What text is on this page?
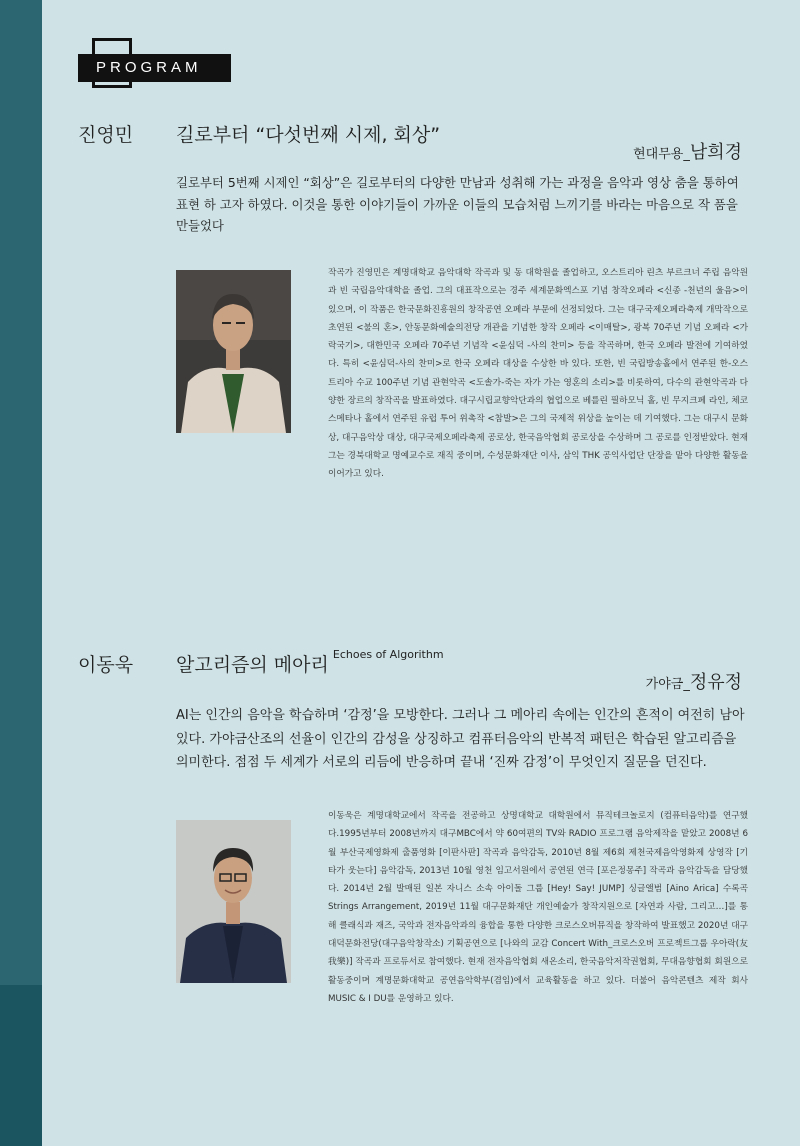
PROGRAM
진영민 길로부터 “다섯번째 시제, 회상”
현대무용_남희경
길로부터 5번째 시제인 “회상”은 길로부터의 다양한 만남과 성취해 가는 과정을 음악과 영상 춤을 통하여 표현 하 고자 하였다. 이것을 통한 이야기들이 가까운 이들의 모습처럼 느끼기를 바라는 마음으로 작 품을 만들었다
작곡가 진영민은 계명대학교 음악대학 작곡과 및 동 대학원을 졸업하고, 오스트리아 린츠 부르크너 주립 음악원과 빈 국립음악대학을 졸업. 그의 대표작으로는 경주 세계문화엑스포 기념 창작오페라 <신종 -천년의 울음>이 있으며, 이 작품은 한국문화진흥원의 창작공연 오페라 부문에 선정되었다. 그는 대구국제오페라축제 개막작으로 초연된 <불의 혼>, 안동문화예술의전당 개관을 기념한 창작 오페라 <이매탈>, 광복 70주년 기념 오페라 <가락국기>, 대한민국 오페라 70주년 기념작 <윤심덕 -사의 찬미> 등을 작곡하며, 한국 오페라 발전에 기여하였다. 특히 <윤심덕-사의 찬미>로 한국 오페라 대상을 수상한 바 있다. 또한, 빈 국립방송홀에서 연주된 한-오스트리아 수교 100주년 기념 관현악곡 <도솔가-죽는 자가 가는 영혼의 소리>를 비롯하여, 다수의 관현악곡과 다양한 장르의 창작곡을 발표하였다. 대구시립교향악단과의 협업으로 베를린 필하모닉 홀, 빈 무지크페 라인, 체코 스메타나 홀에서 연주된 유럽 투어 위촉작 <참발>은 그의 국제적 위상을 높이는 데 기여했다. 그는 대구시 문화상, 대구음악상 대상, 대구국제오페라축제 공로상, 한국음악협회 공로상을 수상하며 그 공로를 인정받았다. 현재 그는 경북대학교 명예교수로 재직 중이며, 수성문화재단 이사, 삼익 THK 공익사업단 단장을 맡아 다양한 활동을 이어가고 있다.
이동욱 알고리즘의 메아리 $^{Echoes of Algorithm}$
가야금_정유정
AI는 인간의 음악을 학습하며 ‘감정’을 모방한다. 그러나 그 메아리 속에는 인간의 흔적이 여전히 남아 있다. 가야금산조의 선율이 인간의 감성을 상징하고 컴퓨터음악의 반복적 패턴은 학습된 알고리즘을 의미한다. 점점 두 세계가 서로의 리듬에 반응하며 끝내 ‘진짜 감정’이 무엇인지 질문을 던진다.
이동욱은 계명대학교에서 작곡을 전공하고 상명대학교 대학원에서 뮤직테크놀로지 (컴퓨터음악)를 연구했다.1995년부터 2008년까지 대구MBC에서 약 60여편의 TV와 RADIO 프로그램 음악제작을 맡았고 2008년 6월 부산국제영화제 출품영화 [이판사판] 작곡과 음악감독, 2010년 8월 제6회 제천국제음악영화제 상영작 [기타가 웃는다] 음악감독, 2013년 10월 영천 임고서원에서 공연된 연극 [포은정몽주] 작곡과 음악감독을 담당했다. 2014년 2월 발매된 일본 자니스 소속 아이돌 그룹 [Hey! Say! JUMP] 싱글앨범 [Aino Arica] 수록곡 Strings Arrangement, 2019년 11월 대구문화재단 개인예술가 창작지원으로 [자연과 사람, 그리고…]를 통해 클래식과 재즈, 국악과 전자음악과의 융합을 통한 다양한 크로스오버뮤직을 창작하여 발표했고 2020년 대구대덕문화전당(대구음악창작소) 기획공연으로 [나와의 교감 Concert With_크로스오버 프로젝트그룹 우아락(友我樂)] 작곡과 프로듀서로 참여했다. 현재 전자음악협회 새온소리, 한국음악저작권협회, 무대음향협회 회원으로 활동중이며 계명문화대학교 공연음악학부(겸임)에서 교육활동을 하고 있다. 더불어 음악콘텐츠 제작 회사 MUSIC & I DU를 운영하고 있다.
